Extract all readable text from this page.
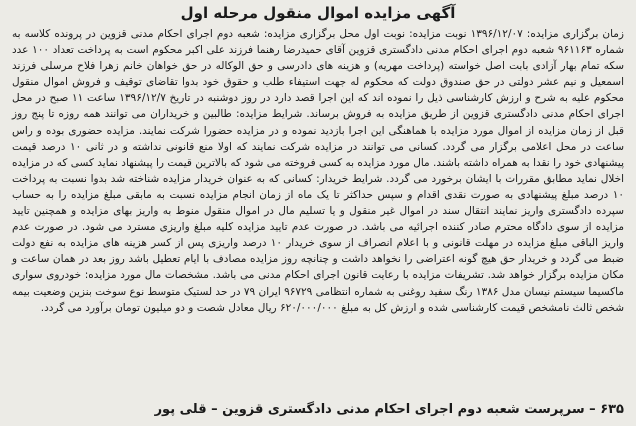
آگهی مزایده اموال منقول مرحله اول

زمان برگزاری مزایده: ۱۳۹۶/۱۲/۰۷ نوبت مزایده: نوبت اول محل برگزاری مزایده: شعبه دوم اجرای احکام مدنی قزوین در پرونده کلاسه به شماره ۹۶۱۱۶۳ شعبه دوم اجرای احکام مدنی دادگستری قزوین آقای حمیدرضا رهنما فرزند علی اکبر محکوم است به پرداخت تعداد ۱۰۰ عدد سکه تمام بهار آزادی بابت اصل خواسته (پرداخت مهریه) و هزینه های دادرسی و حق الوکاله در حق خواهان خانم زهرا فلاح مرسلی فرزند اسمعیل و نیم عشر دولتی در حق صندوق دولت که محکوم له جهت استیفاء طلب و حقوق خود بدوا تقاضای توقیف و فروش اموال منقول محکوم علیه به شرح و ارزش کارشناسی ذیل را نموده اند که این اجرا قصد دارد در روز دوشنبه در تاریخ ۱۳۹۶/۱۲/۷ ساعت ۱۱ صبح در محل اجرای احکام مدنی دادگستری قزوین از طریق مزایده به فروش برساند. شرایط مزایده: طالبین و خریداران می توانند همه روزه تا پنج روز قبل از زمان مزایده از اموال مورد مزایده با هماهنگی این اجرا بازدید نموده و در مزایده حضورا شرکت نمایند. مزایده حضوری بوده و راس ساعت در محل اعلامی برگزار می گردد. کسانی می توانند در مزایده شرکت نمایند که اولا منع قانونی نداشته و در ثانی ۱۰ درصد قیمت پیشنهادی خود را نقدا به همراه داشته باشند. مال مورد مزایده به کسی فروخته می شود که بالاترین قیمت را پیشنهاد نماید کسی که در مزایده اخلال نماید مطابق مقررات با ایشان برخورد می گردد. شرایط خریدار: کسانی که به عنوان خریدار مزایده شناخته شد بدوا نسبت به پرداخت ۱۰ درصد مبلغ پیشنهادی به صورت نقدی اقدام و سپس حداکثر تا یک ماه از زمان انجام مزایده نسبت به مابقی مبلغ مزایده را به حساب سپرده دادگستری واریز نمایند انتقال سند در اموال غیر منقول و یا تسلیم مال در اموال منقول منوط به واریز بهای مزایده و همچنین تایید مزایده از سوی دادگاه محترم صادر کننده اجرائیه می باشد. در صورت عدم تایید مزایده کلیه مبلغ واریزی مسترد می شود. در صورت عدم واریز الباقی مبلغ مزایده در مهلت قانونی و با اعلام انصراف از سوی خریدار ۱۰ درصد واریزی پس از کسر هزینه های مزایده به نفع دولت ضبط می گردد و خریدار حق هیچ گونه اعتراضی را نخواهد داشت و چنانچه روز مزایده مصادف با ایام تعطیل باشد روز بعد در همان ساعت و مکان مزایده برگزار خواهد شد. تشریفات مزایده با رعایت قانون اجرای احکام مدنی می باشد. مشخصات مال مورد مزایده: خودروی سواری ماکسیما سیستم نیسان مدل ۱۳۸۶ رنگ سفید روغنی به شماره انتظامی ۹۶۷۲۹ ایران ۷۹ در حد لستیک متوسط نوع سوخت بنزین وضعیت بیمه شخص ثالث نامشخص قیمت کارشناسی شده و ارزش کل به مبلغ ۶۲۰/۰۰۰/۰۰۰ ریال معادل شصت و دو میلیون تومان برآورد می گردد.

۶۳۵ – سرپرست شعبه دوم اجرای احکام مدنی دادگستری قزوین – قلی پور
